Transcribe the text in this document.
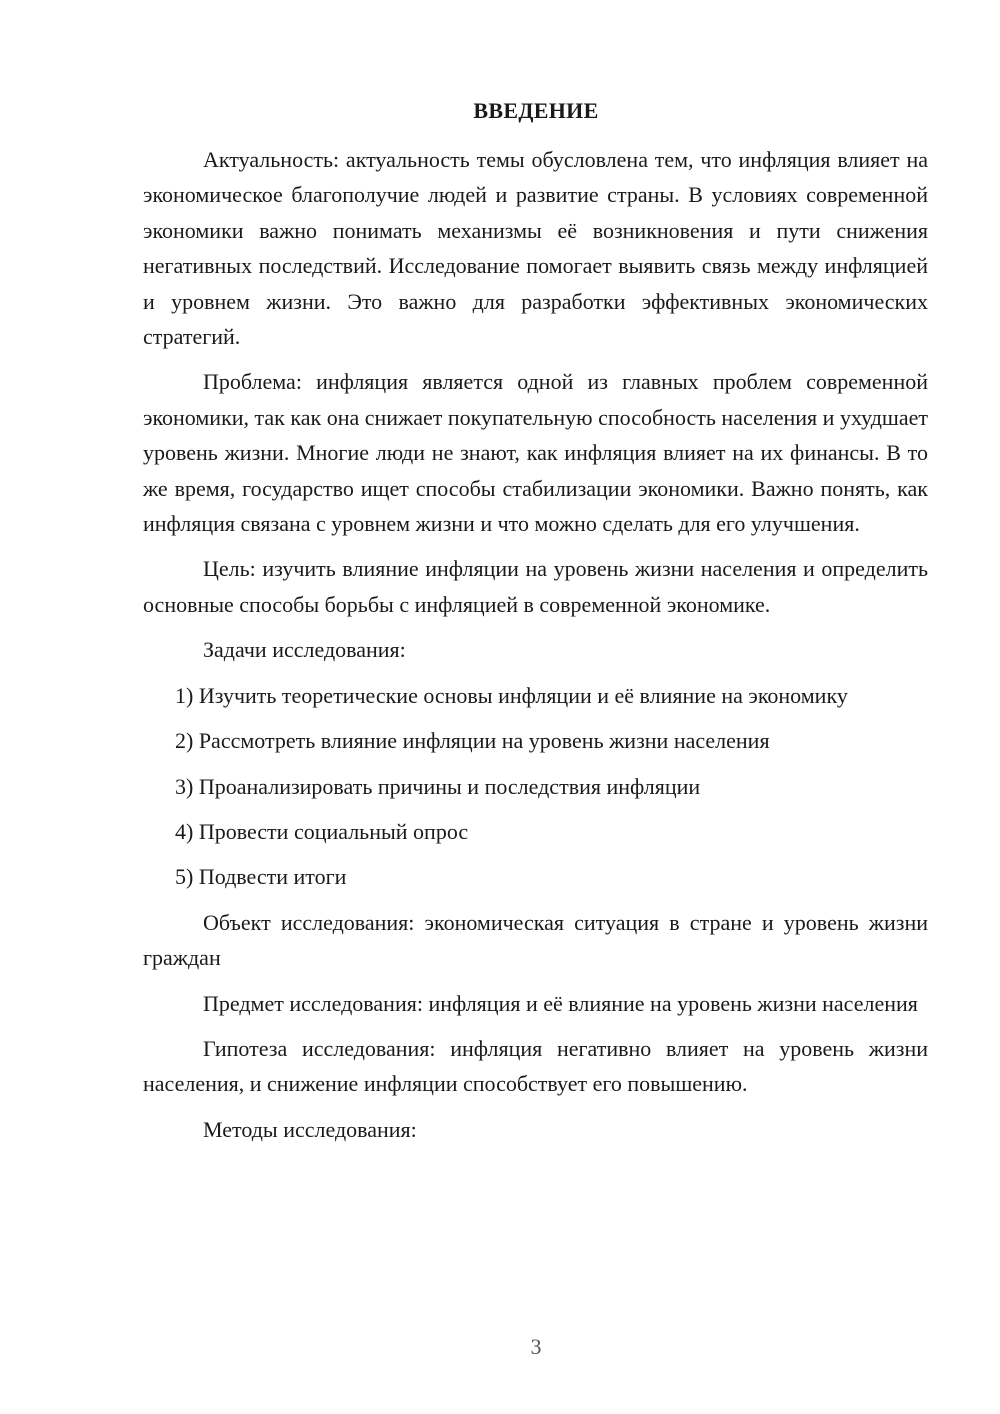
ВВЕДЕНИЕ

Актуальность: актуальность темы обусловлена тем, что инфляция влияет на экономическое благополучие людей и развитие страны. В условиях современной экономики важно понимать механизмы её возникновения и пути снижения негативных последствий. Исследование помогает выявить связь между инфляцией и уровнем жизни. Это важно для разработки эффективных экономических стратегий.

Проблема: инфляция является одной из главных проблем современной экономики, так как она снижает покупательную способность населения и ухудшает уровень жизни. Многие люди не знают, как инфляция влияет на их финансы. В то же время, государство ищет способы стабилизации экономики. Важно понять, как инфляция связана с уровнем жизни и что можно сделать для его улучшения.

Цель: изучить влияние инфляции на уровень жизни населения и определить основные способы борьбы с инфляцией в современной экономике.

Задачи исследования:

1) Изучить теоретические основы инфляции и её влияние на экономику

2) Рассмотреть влияние инфляции на уровень жизни населения

3) Проанализировать причины и последствия инфляции

4) Провести социальный опрос

5) Подвести итоги

Объект исследования: экономическая ситуация в стране и уровень жизни граждан

Предмет исследования: инфляция и её влияние на уровень жизни населения

Гипотеза исследования: инфляция негативно влияет на уровень жизни населения, и снижение инфляции способствует его повышению.

Методы исследования:

3
